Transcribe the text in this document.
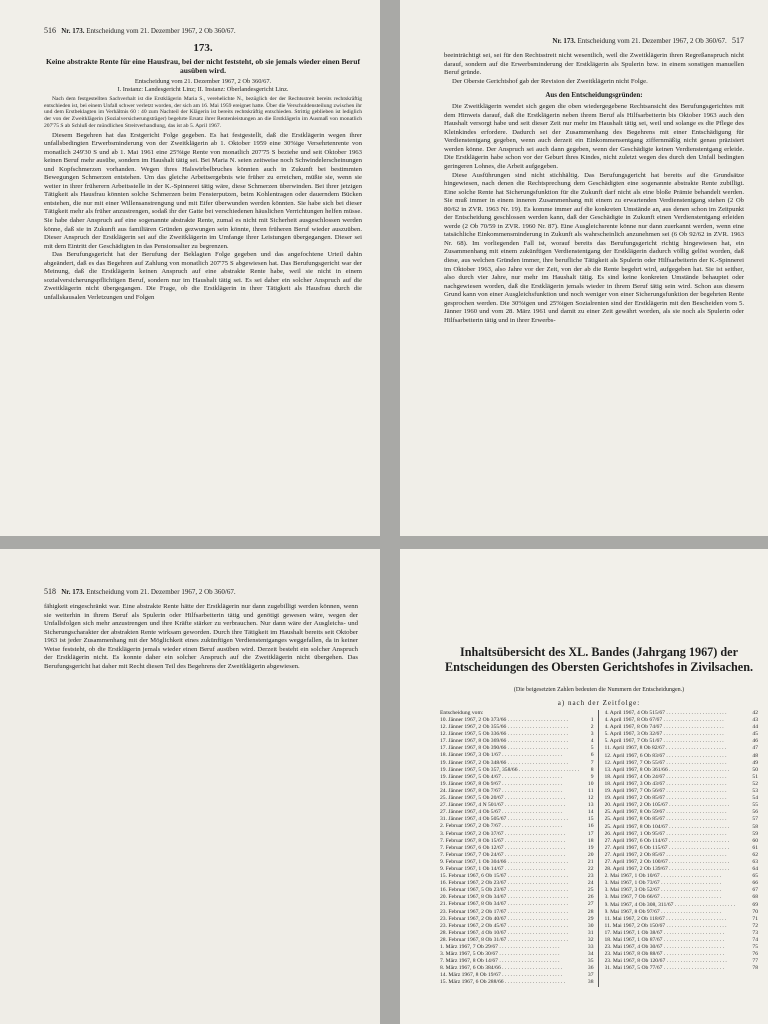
516 Nr. 173. Entscheidung vom 21. Dezember 1967, 2 Ob 360/67.
173.
Keine abstrakte Rente für eine Hausfrau, bei der nicht feststeht, ob sie jemals wieder einen Beruf ausüben wird.
Entscheidung vom 21. Dezember 1967, 2 Ob 360/67.
I. Instanz: Landesgericht Linz; II. Instanz: Oberlandesgericht Linz.
Nach dem festgestellten Sachverhalt ist die Erstklägerin Maria S., verehelichte N., bezüglich der der Rechtsstreit bereits rechtskräftig entschieden ist, bei einem Unfall schwer verletzt worden, der sich am 16. Mai 1959 ereignet hatte. Über die Verschuldensteilung zwischen ihr und dem Erstbeklagten im Verhältnis 60 : 40 zum Nachteil der Klägerin ist bereits rechtskräftig entschieden. Strittig geblieben ist lediglich der von der Zweitklägerin (Sozialversicherungsträger) begehrte Ersatz ihrer Rentenleistungen an die Erstklägerin im Ausmaß von monatlich 207'75 S ab Schluß der mündlichen Streitverhandlung, das ist ab 5. April 1967.

Diesem Begehren hat das Erstgericht Folge gegeben. Es hat festgestellt, daß die Erstklägerin wegen ihrer unfallsbedingten Erwerbsminderung von der Zweitklägerin ab 1. Oktober 1959 eine 30%ige Versehrtenrente von monatlich 249'30 S und ab 1. Mai 1961 eine 25%ige Rente von monatlich 207'75 S beziehe und seit Oktober 1963 keinen Beruf mehr ausübe, sondern im Haushalt tätig sei. Bei Maria N. seien zeitweise noch Schwindelerscheinungen und Kopfschmerzen vorhanden. Wegen ihres Halswirbelbruches könnten auch in Zukunft bei bestimmten Bewegungen Schmerzen entstehen. Um das gleiche Arbeitsergebnis wie früher zu erreichen, müßte sie, wenn sie weiter in ihrer früherern Arbeitsstelle in der K.-Spinnerei tätig wäre, diese Schmerzen überwinden. Bei ihrer jetzigen Tätigkeit als Hausfrau könnten solche Schmerzen beim Fensterputzen, beim Kohlentragen oder dauerndem Bücken entstehen, die nur mit einer Willensanstrengung und mit Eifer überwunden werden könnten. Sie habe sich bei dieser Tätigkeit mehr als früher anzustrengen, sodaß ihr der Gatte bei verschiedenen häuslichen Verrichtungen helfen müsse. Sie habe daher Anspruch auf eine sogenannte abstrakte Rente, zumal es nicht mit Sicherheit ausgeschlossen werden könne, daß sie in Zukunft aus familiären Gründen gezwungen sein könnte, ihren früheren Beruf wieder auszuüben. Dieser Anspruch der Erstklägerin sei auf die Zweitklägerin im Umfange ihrer Leistungen übergegangen. Dieser sei mit dem Eintritt der Geschädigten in das Pensionsalter zu begrenzen.

Das Berufungsgericht hat der Berufung der Beklagten Folge gegeben und das angefochtene Urteil dahin abgeändert, daß es das Begehren auf Zahlung von monatlich 207'75 S abgewiesen hat. Das Berufungsgericht war der Meinung, daß die Erstklägerin keinen Anspruch auf eine abstrakte Rente habe, weil sie nicht in einem sozialversicherungspflichtigen Beruf, sondern nur im Haushalt tätig sei. Es sei daher ein solcher Anspruch auf die Zweitklägerin nicht übergegangen. Die Frage, ob die Erstklägerin in ihrer Tätigkeit als Hausfrau durch die unfallskausalen Verletzungen und Folgen

Nr. 173. Entscheidung vom 21. Dezember 1967, 2 Ob 360/67. 517

beeinträchtigt sei, sei für den Rechtsstreit nicht wesentlich, weil die Zweitklägerin ihren Regreßanspruch nicht darauf, sondern auf die Erwerbsminderung der Erstklägerin als Spulerin bzw. in einem sonstigen manuellen Beruf gründe.

Der Oberste Gerichtshof gab der Revision der Zweitklägerin nicht Folge.

Aus den Entscheidungsgründen:

Die Zweitklägerin wendet sich gegen die oben wiedergegebene Rechtsansicht des Berufungsgerichtes mit dem Hinweis darauf, daß die Erstklägerin neben ihrem Beruf als Hilfsarbeiterin bis Oktober 1963 auch den Haushalt versorgt habe und seit dieser Zeit nur mehr im Haushalt tätig sei, weil und solange es die Pflege des Kleinkindes erfordere. Dadurch sei der Zusammenhang des Begehrens mit einer Entschädigung für Verdienstentgang gegeben, wenn auch derzeit ein Einkommensentgang ziffernmäßig nicht genau präzisiert werden könne. Der Anspruch sei auch dann gegeben, wenn der Geschädigte keinen Verdienstentgang erleide. Die Erstklägerin habe schon vor der Geburt ihres Kindes, nicht zuletzt wegen des durch den Unfall bedingten geringeren Lohnes, die Arbeit aufgegeben.

Diese Ausführungen sind nicht stichhältig. Das Berufungsgericht hat bereits auf die Grundsätze hingewiesen, nach denen die Rechtsprechung dem Geschädigten eine sogenannte abstrakte Rente zubilligt. Eine solche Rente hat Sicherungsfunktion für die Zukunft darf nicht als eine bloße Prämie behandelt werden. Sie muß immer in einem inneren Zusammenhang mit einem zu erwartenden Verdienstentgang stehen (2 Ob 80/62 in ZVR. 1963 Nr. 19). Es komme immer auf die konkreten Umstände an, aus denen schon im Zeitpunkt der Entscheidung geschlossen werden kann, daß der Geschädigte in Zukunft einen Verdienstentgang erleiden werde (2 Ob 70/59 in ZVR. 1960 Nr. 87). Eine Ausgleichsrente könne nur dann zuerkannt werden, wenn eine tatsächliche Einkommensminderung in Zukunft als wahrscheinlich anzunehmen sei (6 Ob 92/62 in ZVR. 1963 Nr. 68). Im vorliegenden Fall ist, worauf bereits das Berufungsgericht richtig hingewiesen hat, ein Zusammenhang mit einem zukünftigen Verdienstentgang der Erstklägerin dadurch völlig gelöst worden, daß diese, aus welchen Gründen immer, ihre berufliche Tätigkeit als Spulerin oder Hilfsarbeiterin der K.-Spinnerei im Oktober 1963, also Jahre vor der Zeit, von der ab die Rente begehrt wird, aufgegeben hat. Sie ist seither, also durch vier Jahre, nur mehr im Haushalt tätig. Es sind keine konkreten Umstände behauptet oder nachgewiesen worden, daß die Erstklägerin jemals wieder in ihrem Beruf tätig sein wird. Schon aus diesem Grund kann von einer Ausgleichsfunktion und noch weniger von einer Sicherungsfunktion der begehrten Rente gesprochen werden. Die 30%igen und 25%igen Sozialrenten sind der Erstklägerin mit den Bescheiden vom 5. Jänner 1960 und vom 28. März 1961 und damit zu einer Zeit gewährt worden, als sie noch als Spulerin oder Hilfsarbeiterin tätig und in ihrer Erwerbs-

518 Nr. 173. Entscheidung vom 21. Dezember 1967, 2 Ob 360/67.

fähigkeit eingeschränkt war. Eine abstrakte Rente hätte der Erstklägerin nur dann zugebilligt werden können, wenn sie weiterhin in ihrem Beruf als Spulerin oder Hilfsarbeiterin tätig und genötigt gewesen wäre, wegen der Unfallsfolgen sich mehr anzustrengen und ihre Kräfte stärker zu verbrauchen. Nur dann wäre der Ausgleichs- und Sicherungscharakter der abstrakten Rente wirksam geworden. Durch ihre Tätigkeit im Haushalt bereits seit Oktober 1963 ist jeder Zusammenhang mit der Möglichkeit eines zukünftigen Verdienstentganges weggefallen, da in keiner Weise feststeht, ob die Erstklägerin jemals wieder einen Beruf ausüben wird. Derzeit besteht ein solcher Anspruch der Erstklägerin nicht. Es konnte daher ein solcher Anspruch auf die Zweitklägerin nicht übergehen. Das Berufungsgericht hat daher mit Recht diesen Teil des Begehrens der Zweitklägerin abgewiesen.

Inhaltsübersicht des XL. Bandes (Jahrgang 1967) der Entscheidungen des Obersten Gerichtshofes in Zivilsachen.
(Die beigesetzten Zahlen bedeuten die Nummern der Entscheidungen.)
a) nach der Zeitfolge:
Entscheidung vom:
10. Jänner 1967, 2 Ob 373/66 . . .	1
12. Jänner 1967, 2 Ob 355/66 . . .	2
12. Jänner 1967, 5 Ob 336/66 . . .	3
17. Jänner 1967, 8 Ob 369/66 . . .	4
17. Jänner 1967, 8 Ob 390/66 . . .	5
18. Jänner 1967, 3 Ob 1/67 . . .	6
19. Jänner 1967, 2 Ob 348/66 . . .	7
19. Jänner 1967, 5 Ob 357, 358/66 . . .	8
19. Jänner 1967, 5 Ob 4/67 . . .	9
19. Jänner 1967, 8 Ob 9/67 . . .	10
24. Jänner 1967, 8 Ob 7/67 . . .	11
25. Jänner 1967, 5 Ob 20/67 . . .	12
27. Jänner 1967, 4 N 501/67 . . .	13
27. Jänner 1967, 4 Ob 5/67 . . .	14
31. Jänner 1967, 4 Ob 505/67 . . .	15
2. Februar 1967, 2 Ob 7/67 . . .	16
3. Februar 1967, 2 Ob 37/67 . . .	17
7. Februar 1967, 8 Ob 15/67 . . .	18
7. Februar 1967, 6 Ob 12/67 . . .	19
7. Februar 1967, 7 Ob 24/67 . . .	20
9. Februar 1967, 1 Ob 304/66 . . .	21
9. Februar 1967, 1 Ob 14/67 . . .	22
15. Februar 1967, 6 Ob 15/67 . . .	23
16. Februar 1967, 2 Ob 23/67 . . .	24
16. Februar 1967, 5 Ob 23/67 . . .	25
20. Februar 1967, 8 Ob 34/67 . . .	26
21. Februar 1967, 8 Ob 34/67 . . .	27
23. Februar 1967, 2 Ob 17/67 . . .	28
23. Februar 1967, 2 Ob 40/67 . . .	29
23. Februar 1967, 2 Ob 45/67 . . .	30
28. Februar 1967, 4 Ob 10/67 . . .	31
28. Februar 1967, 8 Ob 31/67 . . .	32
1. März 1967, 7 Ob 29/67 . . .	33
3. März 1967, 5 Ob 30/67 . . .	34
7. März 1967, 8 Ob 14/67 . . .	35
8. März 1967, 6 Ob 384/66 . . .	36
14. März 1967, 8 Ob 19/67 . . .	37
15. März 1967, 6 Ob 288/66 . . .	38
4. April 1967, 4 Ob 515/67 . . .	42
4. April 1967, 8 Ob 67/67 . . .	43
4. April 1967, 8 Ob 74/67 . . .	44
5. April 1967, 3 Ob 32/67 . . .	45
5. April 1967, 7 Ob 51/67 . . .	46
11. April 1967, 8 Ob 82/67 . . .	47
12. April 1967, 6 Ob 83/67 . . .	48
12. April 1967, 7 Ob 55/67 . . .	49
13. April 1967, 8 Ob 361/66 . . .	50
18. April 1967, 4 Ob 24/67 . . .	51
18. April 1967, 3 Ob 43/67 . . .	52
19. April 1967, 7 Ob 56/67 . . .	53
19. April 1967, 2 Ob 85/67 . . .	54
20. April 1967, 2 Ob 105/67 . . .	55
25. April 1967, 8 Ob 59/67 . . .	56
25. April 1967, 8 Ob 85/67 . . .	57
25. April 1967, 8 Ob 104/67 . . .	58
26. April 1967, 1 Ob 95/67 . . .	59
27. April 1967, 6 Ob 114/67 . . .	60
27. April 1967, 6 Ob 115/67 . . .	61
27. April 1967, 2 Ob 85/67 . . .	62
27. April 1967, 2 Ob 100/67 . . .	63
28. April 1967, 2 Ob 139/67 . . .	64
2. Mai 1967, 1 Ob 10/67 . . .	65
3. Mai 1967, 1 Ob 73/67 . . .	66
3. Mai 1967, 3 Ob 52/67 . . .	67
3. Mai 1967, 7 Ob 66/67 . . .	68
9. Mai 1967, 4 Ob 308, 311/67 . . .	69
9. Mai 1967, 8 Ob 97/67 . . .	70
11. Mai 1967, 2 Ob 118/67 . . .	71
11. Mai 1967, 2 Ob 150/67 . . .	72
17. Mai 1967, 1 Ob 38/67 . . .	73
18. Mai 1967, 1 Ob 87/67 . . .	74
23. Mai 1967, 4 Ob 30/67 . . .	75
23. Mai 1967, 8 Ob 88/67 . . .	76
23. Mai 1967, 8 Ob 120/67 . . .	77
31. Mai 1967, 5 Ob 77/67 . . .	78
